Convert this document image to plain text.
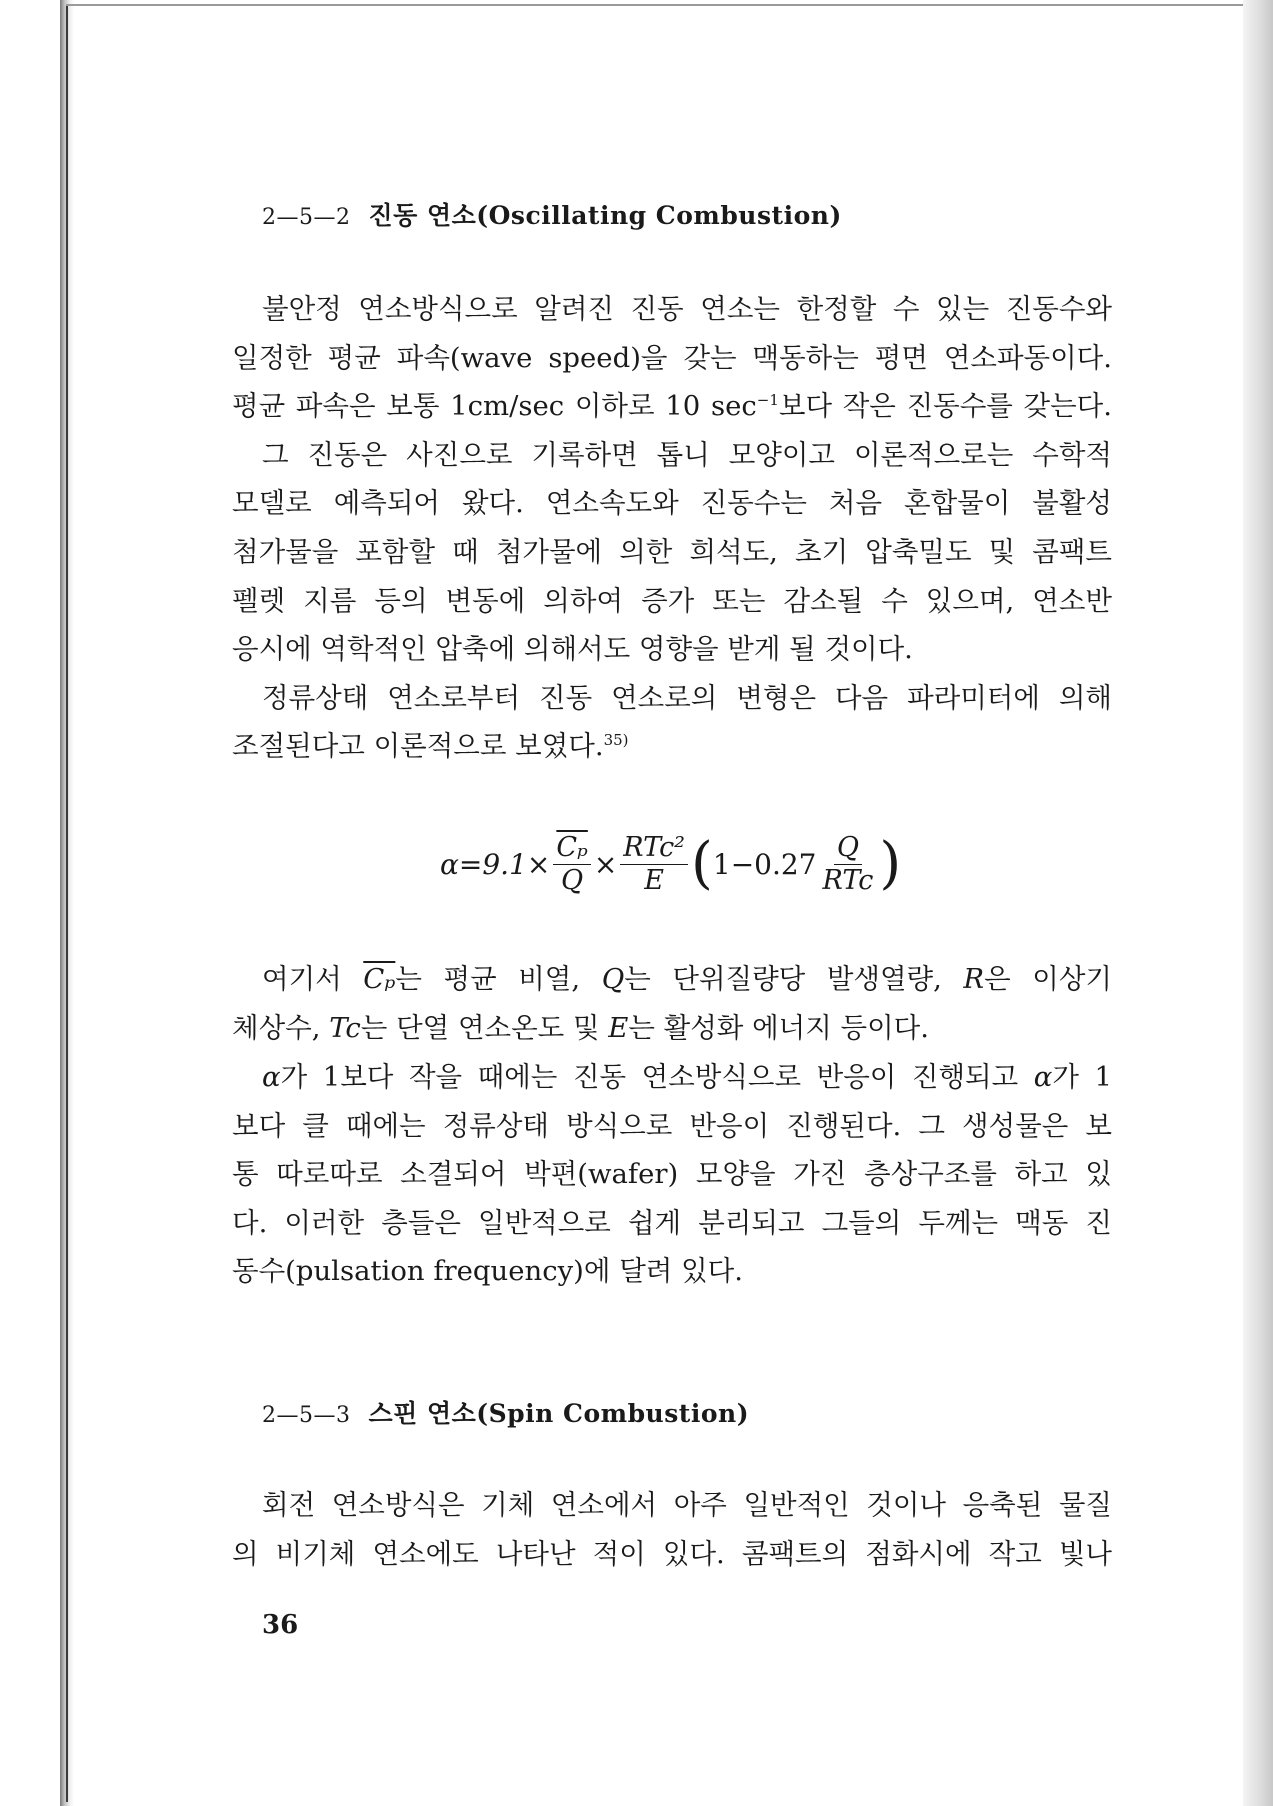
2—5—2 진동 연소(Oscillating Combustion)
불안정 연소방식으로 알려진 진동 연소는 한정할 수 있는 진동수와
일정한 평균 파속(wave speed)을 갖는 맥동하는 평면 연소파동이다.
평균 파속은 보통 1cm/sec 이하로 10 $\sec^{-1}$보다 작은 진동수를 갖는다.
그 진동은 사진으로 기록하면 톱니 모양이고 이론적으로는 수학적
모델로 예측되어 왔다. 연소속도와 진동수는 처음 혼합물이 불활성
첨가물을 포함할 때 첨가물에 의한 희석도, 초기 압축밀도 및 콤팩트
펠렛 지름 등의 변동에 의하여 증가 또는 감소될 수 있으며, 연소반
응시에 역학적인 압축에 의해서도 영향을 받게 될 것이다.
정류상태 연소로부터 진동 연소로의 변형은 다음 파라미터에 의해
조절된다고 이론적으로 보였다.$^{35)}$
$\alpha=9.1\times \frac{\overline{C_p}}{Q} \times \frac{\text{RTc²}}{E}$ ( $1-0.27 \frac{Q}{\text{RTc}}$ )
여기서 $\overline{C_p}$는 평균 비열, Q는 단위질량당 발생열량, R은 이상기
체상수, Tc는 단열 연소온도 및 E는 활성화 에너지 등이다.
α가 1보다 작을 때에는 진동 연소방식으로 반응이 진행되고 α가 1
보다 클 때에는 정류상태 방식으로 반응이 진행된다. 그 생성물은 보
통 따로따로 소결되어 박편(wafer) 모양을 가진 층상구조를 하고 있
다. 이러한 층들은 일반적으로 쉽게 분리되고 그들의 두께는 맥동 진
동수(pulsation frequency)에 달려 있다.
2—5—3 스핀 연소(Spin Combustion)
회전 연소방식은 기체 연소에서 아주 일반적인 것이나 응축된 물질
의 비기체 연소에도 나타난 적이 있다. 콤팩트의 점화시에 작고 빛나
36
